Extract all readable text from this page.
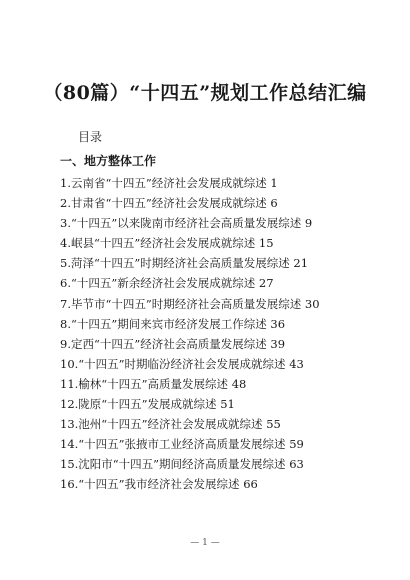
（80篇）“十四五”规划工作总结汇编
目录
一、地方整体工作
1.云南省“十四五”经济社会发展成就综述 1
2.甘肃省“十四五”经济社会发展成就综述 6
3.“十四五”以来陇南市经济社会高质量发展综述 9
4.岷县“十四五”经济社会发展成就综述 15
5.菏泽“十四五”时期经济社会高质量发展综述 21
6.“十四五”新余经济社会发展成就综述 27
7.毕节市“十四五”时期经济社会高质量发展综述 30
8.“十四五”期间来宾市经济发展工作综述 36
9.定西“十四五”经济社会高质量发展综述 39
10.“十四五”时期临汾经济社会发展成就综述 43
11.榆林“十四五”高质量发展综述 48
12.陇原“十四五”发展成就综述 51
13.池州“十四五”经济社会发展成就综述 55
14.“十四五”张掖市工业经济高质量发展综述 59
15.沈阳市“十四五”期间经济高质量发展综述 63
16.“十四五”我市经济社会发展综述 66
— 1 —
